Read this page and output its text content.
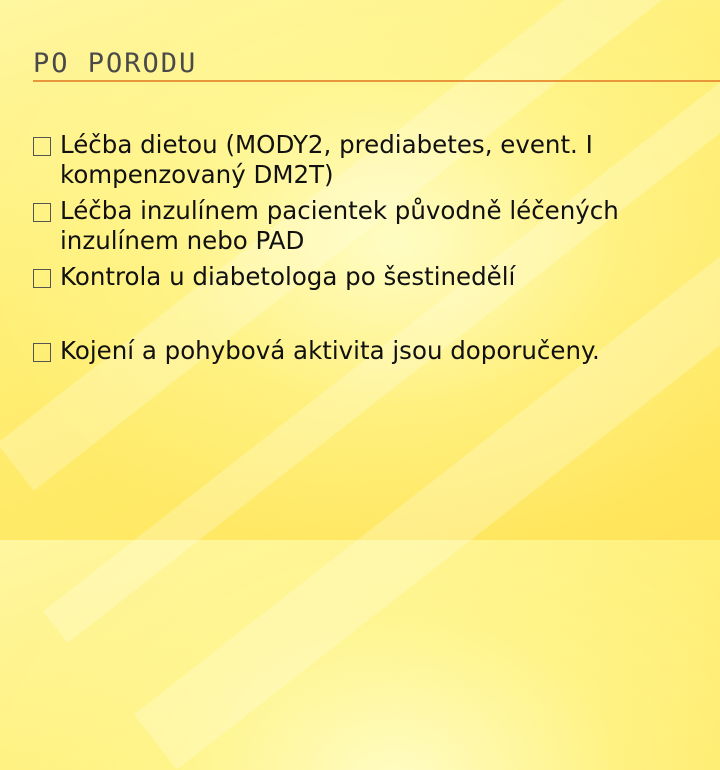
PO PORODU
Léčba dietou (MODY2, prediabetes, event. I kompenzovaný DM2T)
Léčba inzulínem pacientek původně léčených inzulínem nebo PAD
Kontrola u diabetologa po šestinedělí
Kojení a pohybová aktivita jsou doporučeny.
